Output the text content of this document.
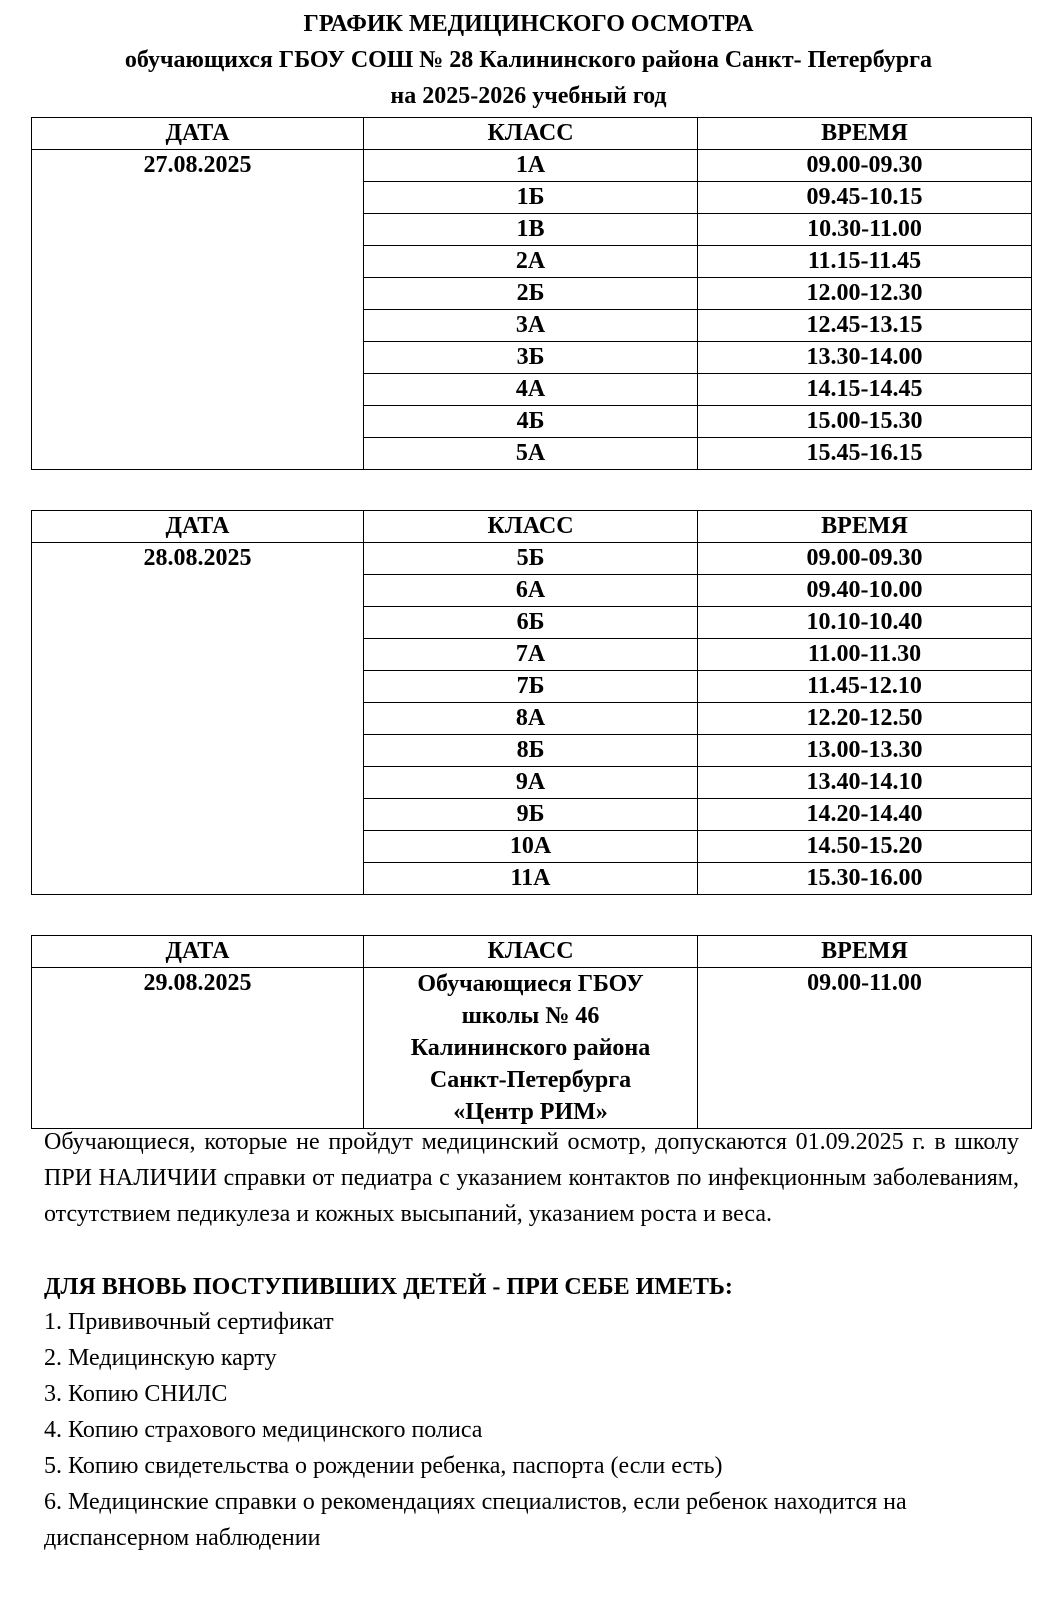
ГРАФИК МЕДИЦИНСКОГО ОСМОТРА
обучающихся ГБОУ СОШ № 28 Калининского района Санкт- Петербурга
на 2025-2026 учебный год
ДАТА	КЛАСС	ВРЕМЯ
27.08.2025	1А	09.00-09.30
	1Б	09.45-10.15
	1В	10.30-11.00
	2А	11.15-11.45
	2Б	12.00-12.30
	3А	12.45-13.15
	3Б	13.30-14.00
	4А	14.15-14.45
	4Б	15.00-15.30
	5А	15.45-16.15
ДАТА	КЛАСС	ВРЕМЯ
28.08.2025	5Б	09.00-09.30
	6А	09.40-10.00
	6Б	10.10-10.40
	7А	11.00-11.30
	7Б	11.45-12.10
	8А	12.20-12.50
	8Б	13.00-13.30
	9А	13.40-14.10
	9Б	14.20-14.40
	10А	14.50-15.20
	11А	15.30-16.00
ДАТА	КЛАСС	ВРЕМЯ
29.08.2025	Обучающиеся ГБОУ школы № 46 Калининского района Санкт-Петербурга «Центр РИМ»	09.00-11.00
Обучающиеся, которые не пройдут медицинский осмотр, допускаются 01.09.2025 г. в школу ПРИ НАЛИЧИИ справки от педиатра с указанием контактов по инфекционным заболеваниям, отсутствием педикулеза и кожных высыпаний, указанием роста и веса.
ДЛЯ ВНОВЬ ПОСТУПИВШИХ ДЕТЕЙ - ПРИ СЕБЕ ИМЕТЬ:
1. Прививочный сертификат
2. Медицинскую карту
3. Копию СНИЛС
4. Копию страхового медицинского полиса
5. Копию свидетельства о рождении ребенка, паспорта (если есть)
6. Медицинские справки о рекомендациях специалистов, если ребенок находится на диспансерном наблюдении
